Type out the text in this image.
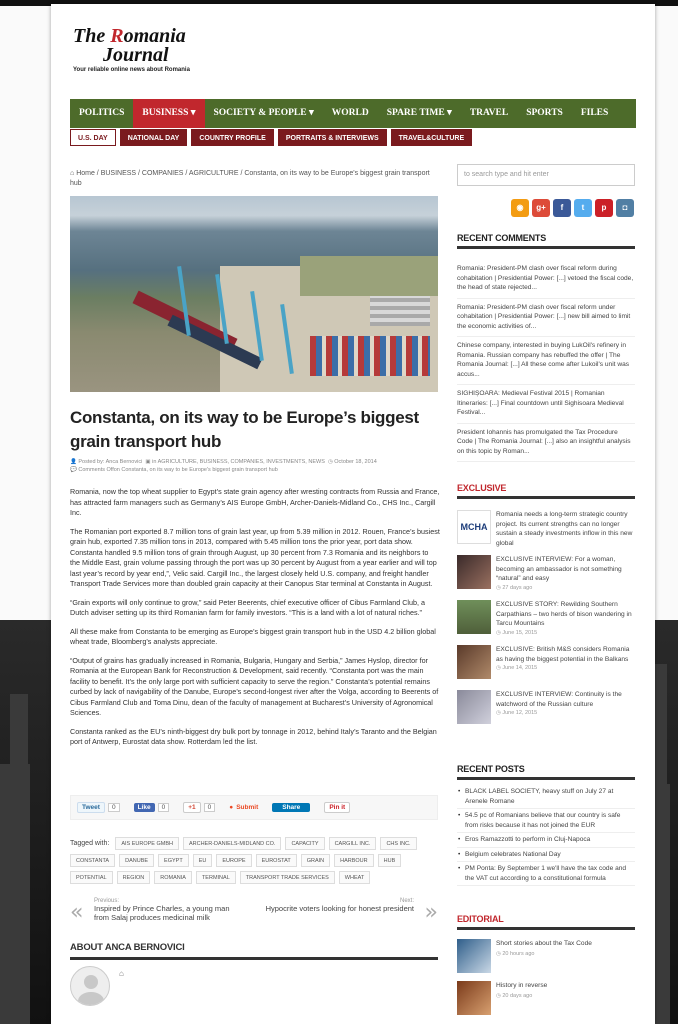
The Romania
Journal
Your reliable online news about Romania
POLITICS	BUSINESS ▾	SOCIETY & PEOPLE ▾	WORLD	SPARE TIME ▾	TRAVEL	SPORTS	FILES
U.S. DAY	NATIONAL DAY	COUNTRY PROFILE	PORTRAITS & INTERVIEWS	TRAVEL&CULTURE
⌂ Home / BUSINESS / COMPANIES / AGRICULTURE / Constanta, on its way to be Europe's biggest grain transport hub
Constanta, on its way to be Europe’s biggest grain transport hub
👤 Posted by: Anca Bernovici ▣ in AGRICULTURE, BUSINESS, COMPANIES, INVESTMENTS, NEWS ◷ October 18, 2014
💬 Comments Offon Constanta, on its way to be Europe's biggest grain transport hub

Romania, now the top wheat supplier to Egypt’s state grain agency after wresting contracts from Russia and France, has attracted farm managers such as Germany’s AIS Europe GmbH, Archer-Daniels-Midland Co., CHS Inc., Cargill Inc.

The Romanian port exported 8.7 million tons of grain last year, up from 5.39 million in 2012. Rouen, France’s busiest grain hub, exported 7.35 million tons in 2013, compared with 5.45 million tons the prior year, port data show. Constanta handled 9.5 million tons of grain through August, up 30 percent from 7.3 Romania and its neighbors to the Middle East, grain volume passing through the port was up 30 percent by August from a year earlier and will top last year’s record by year end,”, Velic said. Cargill Inc., the largest closely held U.S. company, and freight handler Transport Trade Services more than doubled grain capacity at their Canopus Star terminal at Constanta in August.

“Grain exports will only continue to grow,” said Peter Beerents, chief executive officer of Cibus Farmland Club, a Dutch adviser setting up its third Romanian farm for family investors. “This is a land with a lot of natural riches.”

All these make from Constanta to be emerging as Europe’s biggest grain transport hub in the USD 4.2 billion global wheat trade, Bloomberg’s analysts appreciate.

“Output of grains has gradually increased in Romania, Bulgaria, Hungary and Serbia,” James Hyslop, director for Romania at the European Bank for Reconstruction & Development, said recently. “Constanta port was the main facility to benefit. It’s the only large port with sufficient capacity to serve the region.” Constanta’s potential remains curbed by lack of navigability of the Danube, Europe’s second-longest river after the Volga, according to Beerents of Cibus Farmland Club and Toma Dinu, dean of the faculty of management at Bucharest’s University of Agronomical Sciences.

Constanta ranked as the EU’s ninth-biggest dry bulk port by tonnage in 2012, behind Italy’s Taranto and the Belgian port of Antwerp, Eurostat data show. Rotterdam led the list.

Tweet	0	Like	0	+1	0	● Submit	Share	Pin it
Tagged with:	AIS EUROPE GMBH	ARCHER-DANIELS-MIDLAND CO.	CAPACITY	CARGILL INC.	CHS INC.
CONSTANTA	DANUBE	EGYPT	EU	EUROPE	EUROSTAT	GRAIN	HARBOUR	HUB
POTENTIAL	REGION	ROMANIA	TERMINAL	TRANSPORT TRADE SERVICES	WHEAT
« Previous:
Inspired by Prince Charles, a young man from Salaj produces medicinal milk
Next:
Hypocrite voters looking for honest president »
ABOUT ANCA BERNOVICI
⌂
to search type and hit enter
◉	g+	f	t	p	◘
RECENT COMMENTS
Romania: President-PM clash over fiscal reform during cohabitation | Presidential Power: [...] vetoed the fiscal code, the head of state rejected...
Romania: President-PM clash over fiscal reform under cohabitation | Presidential Power: [...] new bill aimed to limit the economic activities of...
Chinese company, interested in buying LukOil's refinery in Romania. Russian company has rebuffed the offer | The Romania Journal: [...] All these come after Lukoil's unit was accus...
SIGHIȘOARA: Medieval Festival 2015 | Romanian Itineraries: [...] Final countdown until Sighisoara Medieval Festival...
President Iohannis has promulgated the Tax Procedure Code | The Romania Journal: [...] also an insightful analysis on this topic by Roman...
EXCLUSIVE
MCHA
Romania needs a long-term strategic country project. Its current strengths can no longer sustain a steady investments inflow in this new global
EXCLUSIVE INTERVIEW: For a woman, becoming an ambassador is not something “natural” and easy
◷ 27 days ago
EXCLUSIVE STORY: Rewilding Southern Carpathians – two herds of bison wandering in Tarcu Mountains
◷ June 15, 2015
EXCLUSIVE: British M&S considers Romania as having the biggest potential in the Balkans
◷ June 14, 2015
EXCLUSIVE INTERVIEW: Continuity is the watchword of the Russian culture
◷ June 12, 2015
RECENT POSTS
• BLACK LABEL SOCIETY, heavy stuff on July 27 at Arenele Romane
• 54.5 pc of Romanians believe that our country is safe from risks because it has not joined the EUR
• Eros Ramazzotti to perform in Cluj-Napoca
• Belgium celebrates National Day
• PM Ponta: By September 1 we'll have the tax code and the VAT cut according to a constitutional formula
EDITORIAL
Short stories about the Tax Code
◷ 20 hours ago
History in reverse
◷ 20 days ago
